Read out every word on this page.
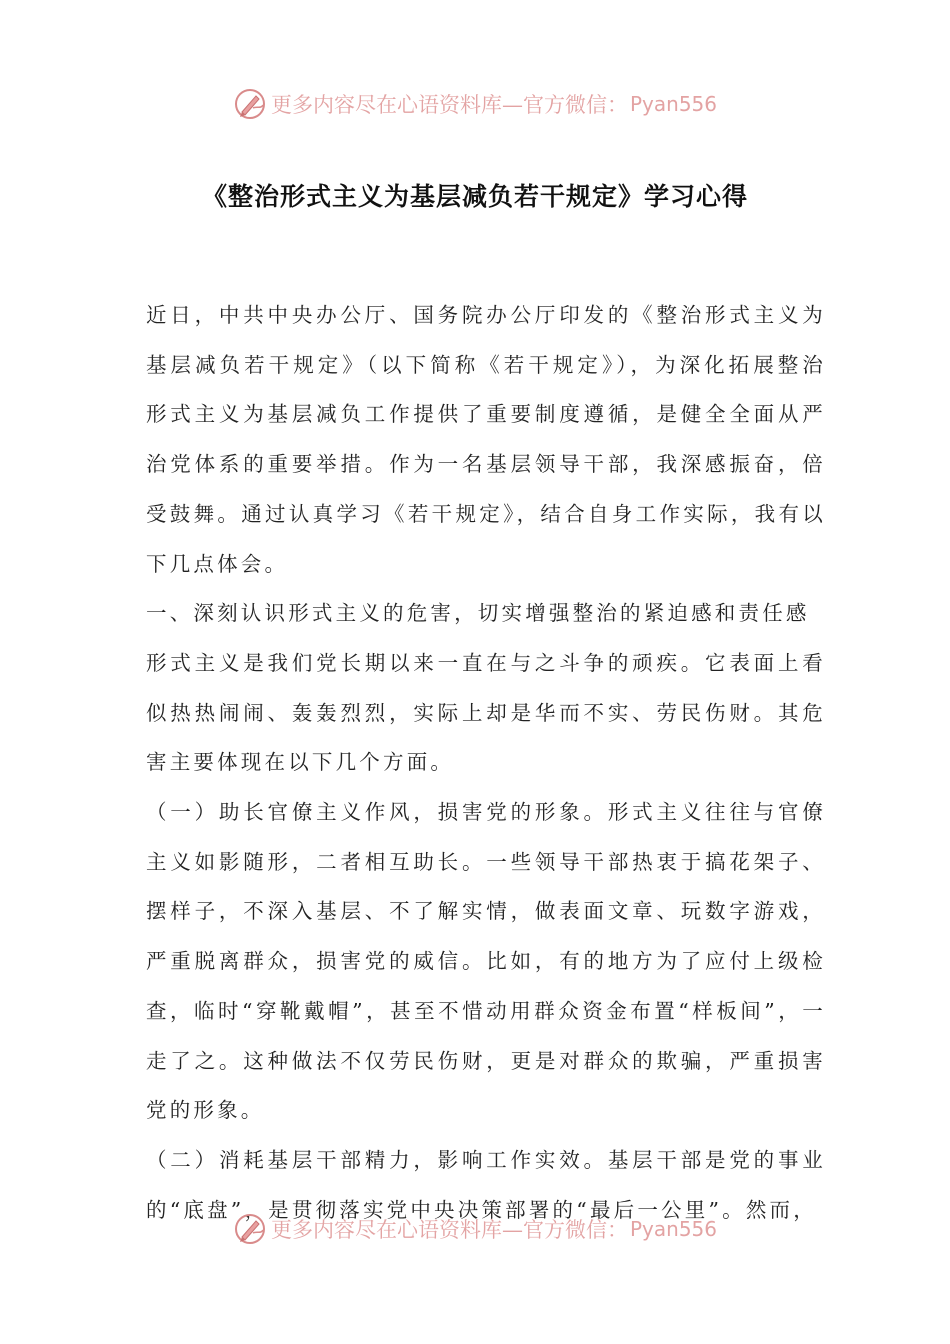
更多内容尽在心语资料库—官方微信： Pyan556
《整治形式主义为基层减负若干规定》学习心得

近日，中共中央办公厅、国务院办公厅印发的《整治形式主义为基层减负若干规定》（以下简称《若干规定》），为深化拓展整治形式主义为基层减负工作提供了重要制度遵循，是健全全面从严治党体系的重要举措。作为一名基层领导干部，我深感振奋，倍受鼓舞。通过认真学习《若干规定》，结合自身工作实际，我有以下几点体会。

一、深刻认识形式主义的危害，切实增强整治的紧迫感和责任感

形式主义是我们党长期以来一直在与之斗争的顽疾。它表面上看似热热闹闹、轰轰烈烈，实际上却是华而不实、劳民伤财。其危害主要体现在以下几个方面。

（一）助长官僚主义作风，损害党的形象。形式主义往往与官僚主义如影随形，二者相互助长。一些领导干部热衷于搞花架子、摆样子，不深入基层、不了解实情，做表面文章、玩数字游戏，严重脱离群众，损害党的威信。比如，有的地方为了应付上级检查，临时“穿靴戴帽”，甚至不惜动用群众资金布置“样板间”，一走了之。这种做法不仅劳民伤财，更是对群众的欺骗，严重损害党的形象。

（二）消耗基层干部精力，影响工作实效。基层干部是党的事业的“底盘”，是贯彻落实党中央决策部署的“最后一公里”。然而，

更多内容尽在心语资料库—官方微信： Pyan556
